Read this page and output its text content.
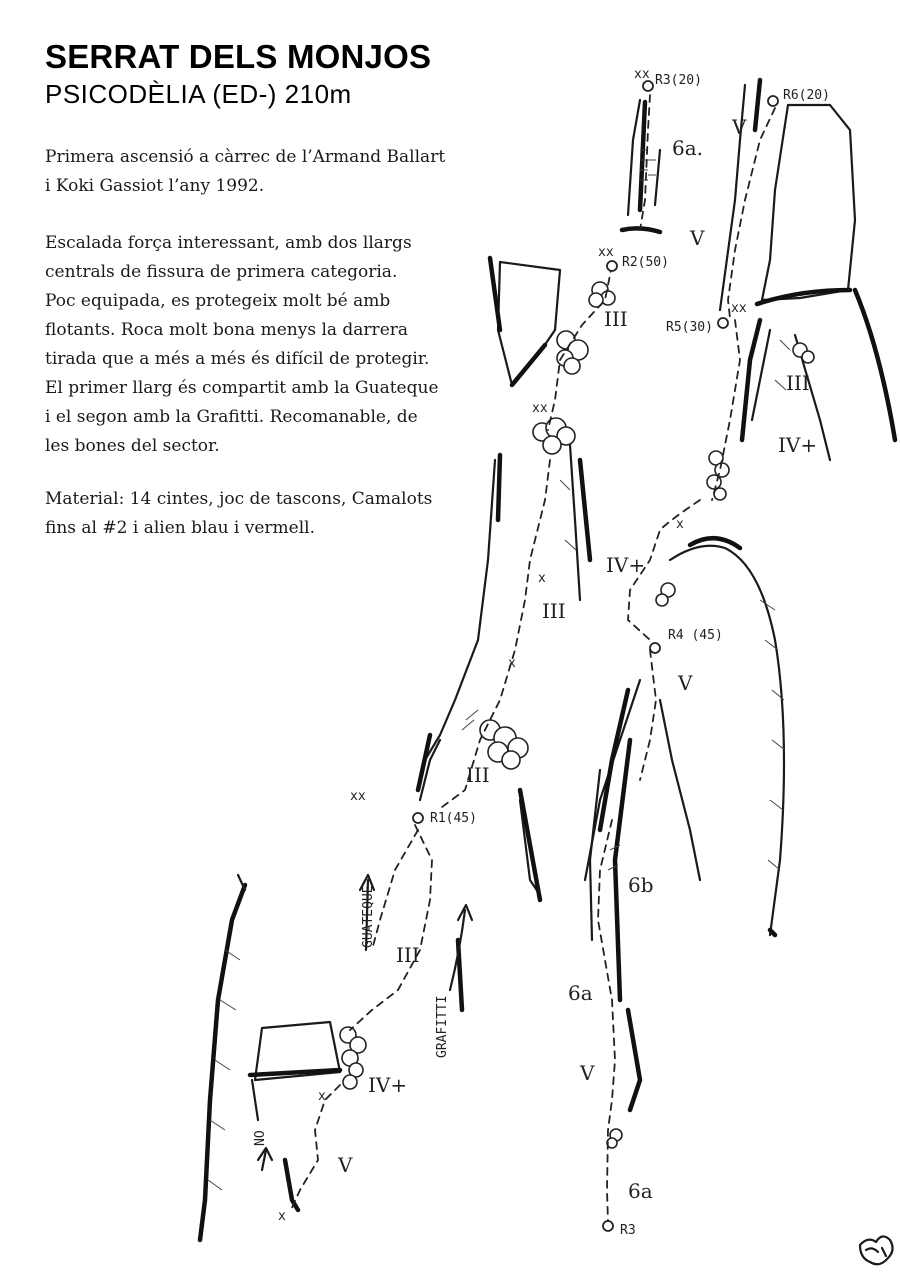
SERRAT DELS MONJOS
PSICODÈLIA (ED-) 210m

Primera ascensió a càrrec de l’Armand Ballart
i Koki Gassiot l’any 1992.

Escalada força interessant, amb dos llargs
centrals de fissura de primera categoria.
Poc equipada, es protegeix molt bé amb
flotants. Roca molt bona menys la darrera
tirada que a més a més és difícil de protegir.
El primer llarg és compartit amb la Guateque
i el segon amb la Grafitti. Recomanable, de
les bones del sector.

Material: 14 cintes, joc de tascons, Camalots
fins al #2 i alien blau i vermell.

R3(20)
R6(20)
R2(50)
R5(30)
R4 (45)
R1(45)
R3
xx
xx
xx
xx
xx
x
x
x
x
x
6a.
V
V
III
III
IV+
IV+
III
V
III
6b
III
6a
V
IV+
V
6a
GUATEQUE
GRAFITTI
NO
